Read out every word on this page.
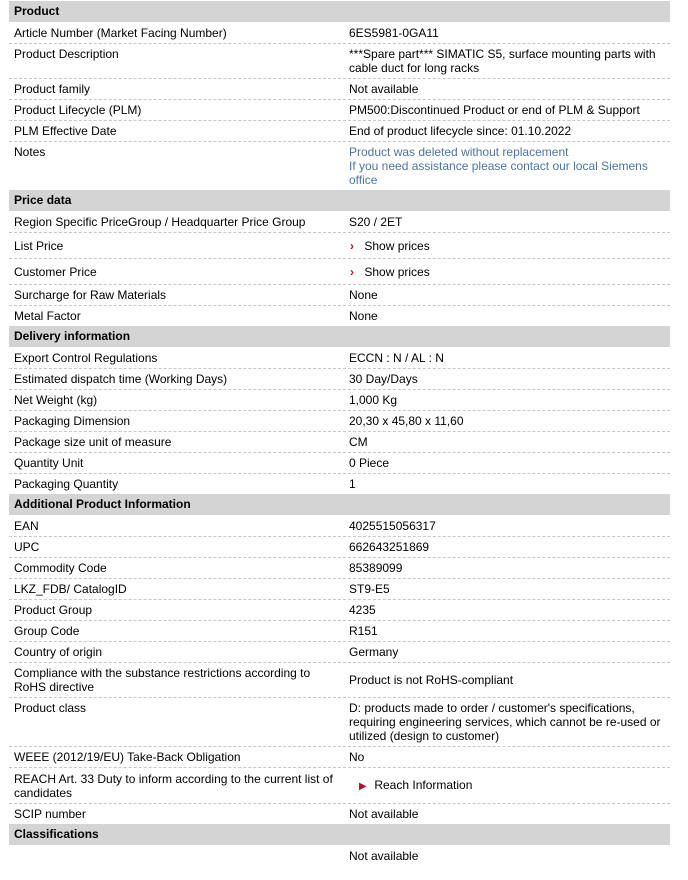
Product
Article Number (Market Facing Number)	6ES5981-0GA11
Product Description	***Spare part*** SIMATIC S5, surface mounting parts with cable duct for long racks
Product family	Not available
Product Lifecycle (PLM)	PM500:Discontinued Product or end of PLM & Support
PLM Effective Date	End of product lifecycle since: 01.10.2022
Notes	Product was deleted without replacement
If you need assistance please contact our local Siemens office
Price data
Region Specific PriceGroup / Headquarter Price Group	S20 / 2ET
List Price	› Show prices
Customer Price	› Show prices
Surcharge for Raw Materials	None
Metal Factor	None
Delivery information
Export Control Regulations	ECCN : N / AL : N
Estimated dispatch time (Working Days)	30 Day/Days
Net Weight (kg)	1,000 Kg
Packaging Dimension	20,30 x 45,80 x 11,60
Package size unit of measure	CM
Quantity Unit	0 Piece
Packaging Quantity	1
Additional Product Information
EAN	4025515056317
UPC	662643251869
Commodity Code	85389099
LKZ_FDB/ CatalogID	ST9-E5
Product Group	4235
Group Code	R151
Country of origin	Germany
Compliance with the substance restrictions according to RoHS directive	Product is not RoHS-compliant
Product class	D: products made to order / customer's specifications, requiring engineering services, which cannot be re-used or utilized (design to customer)
WEEE (2012/19/EU) Take-Back Obligation	No
REACH Art. 33 Duty to inform according to the current list of candidates	▶ Reach Information
SCIP number	Not available
Classifications

Not available
